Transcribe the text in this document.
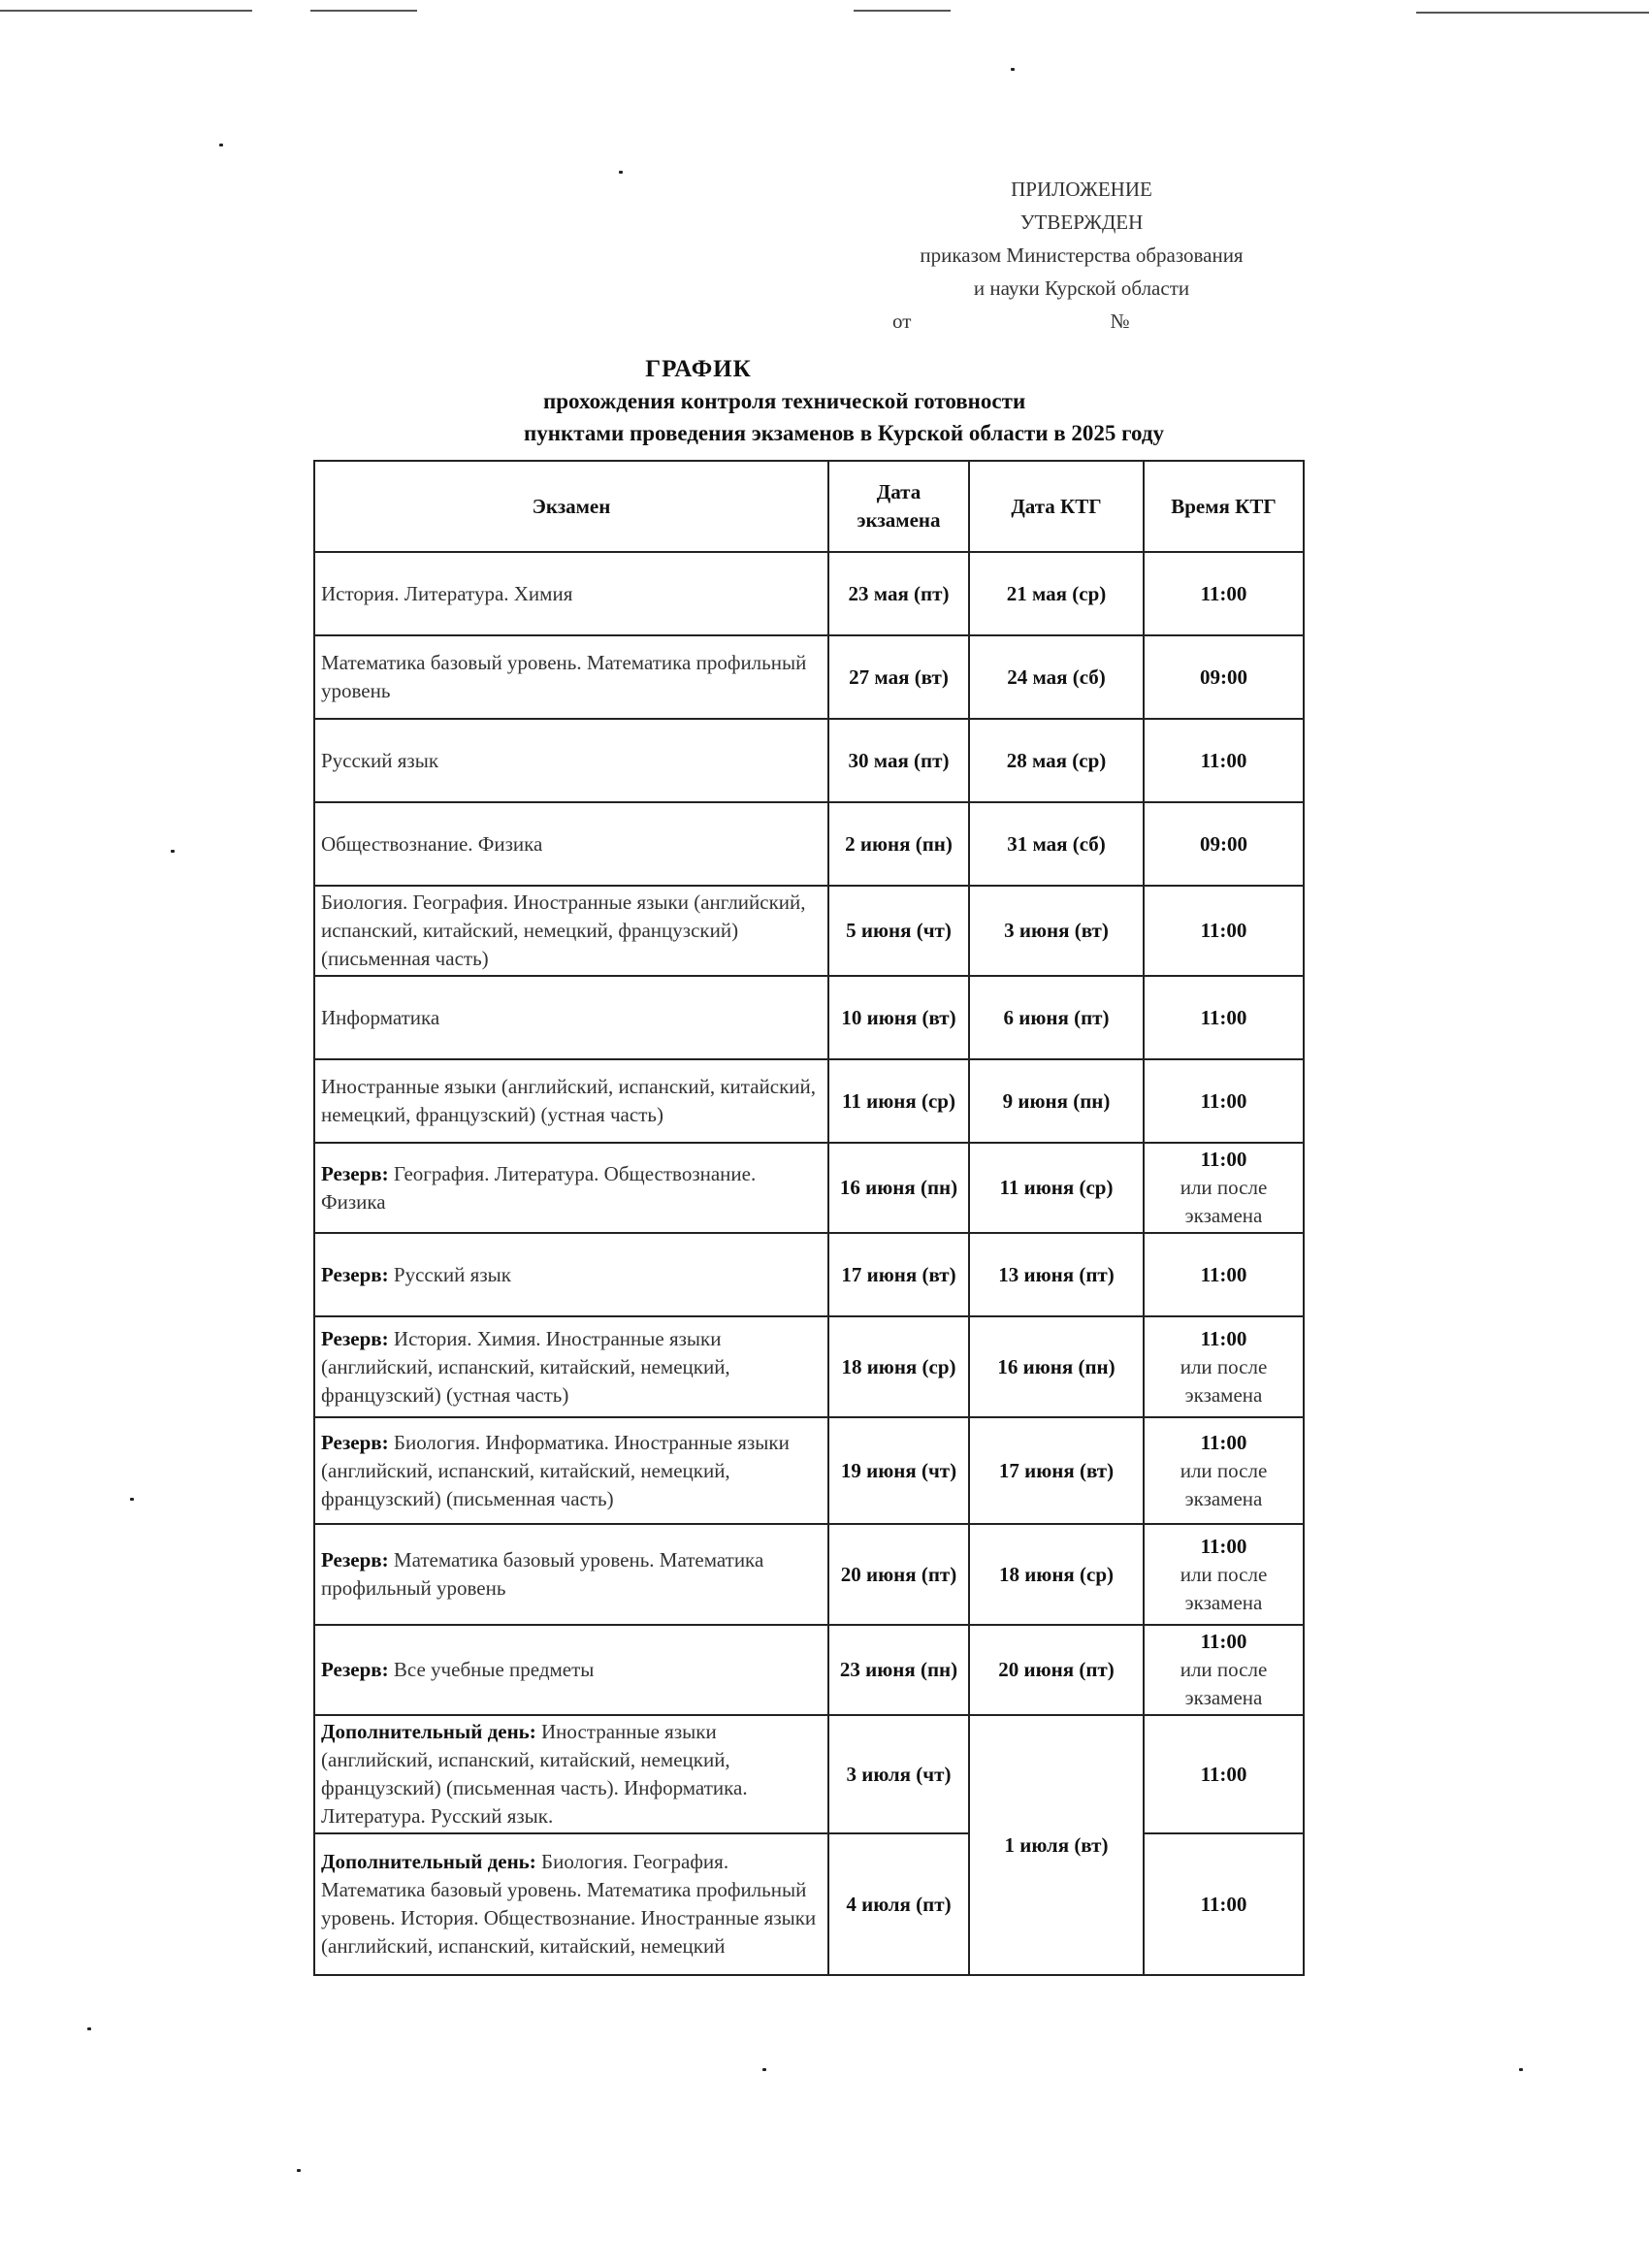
ПРИЛОЖЕНИЕ
УТВЕРЖДЕН
приказом Министерства образования
и науки Курской области
от	№
ГРАФИК
прохождения контроля технической готовности
пунктами проведения экзаменов в Курской области в 2025 году
Экзамен	Дата экзамена	Дата КТГ	Время КТГ
История. Литература. Химия	23 мая (пт)	21 мая (ср)	11:00
Математика базовый уровень. Математика профильный уровень	27 мая (вт)	24 мая (сб)	09:00
Русский язык	30 мая (пт)	28 мая (ср)	11:00
Обществознание. Физика	2 июня (пн)	31 мая (сб)	09:00
Биология. География. Иностранные языки (английский, испанский, китайский, немецкий, французский) (письменная часть)	5 июня (чт)	3 июня (вт)	11:00
Информатика	10 июня (вт)	6 июня (пт)	11:00
Иностранные языки (английский, испанский, китайский, немецкий, французский) (устная часть)	11 июня (ср)	9 июня (пн)	11:00
Резерв: География. Литература. Обществознание. Физика	16 июня (пн)	11 июня (ср)	11:00
или после экзамена
Резерв: Русский язык	17 июня (вт)	13 июня (пт)	11:00
Резерв: История. Химия. Иностранные языки (английский, испанский, китайский, немецкий, французский) (устная часть)	18 июня (ср)	16 июня (пн)	11:00
или после экзамена
Резерв: Биология. Информатика. Иностранные языки (английский, испанский, китайский, немецкий, французский) (письменная часть)	19 июня (чт)	17 июня (вт)	11:00
или после экзамена
Резерв: Математика базовый уровень. Математика профильный уровень	20 июня (пт)	18 июня (ср)	11:00
или после экзамена
Резерв: Все учебные предметы	23 июня (пн)	20 июня (пт)	11:00
или после экзамена
Дополнительный день: Иностранные языки (английский, испанский, китайский, немецкий, французский) (письменная часть). Информатика. Литература. Русский язык.	3 июля (чт)	1 июля (вт)	11:00
Дополнительный день: Биология. География. Математика базовый уровень. Математика профильный уровень. История. Обществознание. Иностранные языки (английский, испанский, китайский, немецкий	4 июля (пт)		11:00
